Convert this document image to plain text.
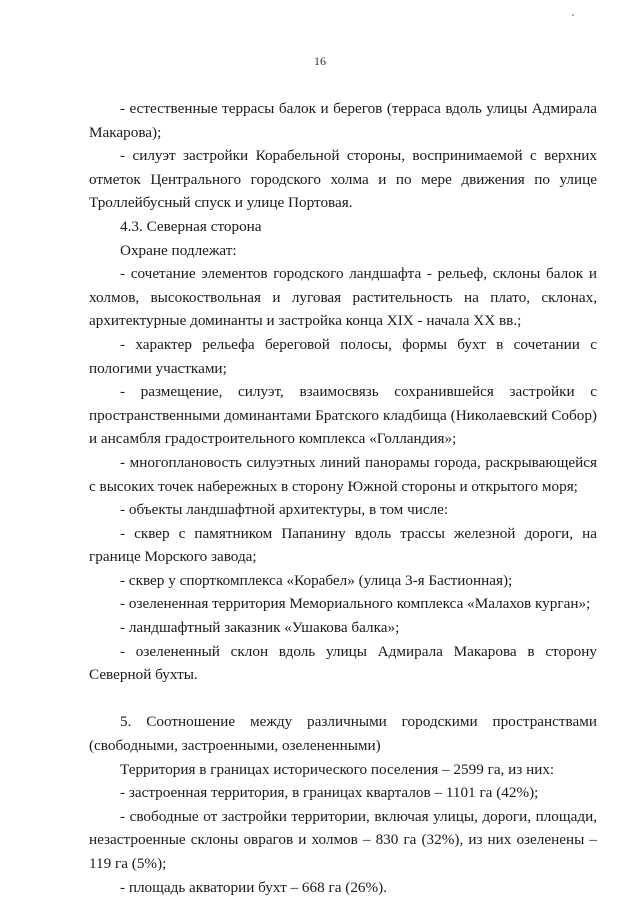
16

- естественные террасы балок и берегов (терраса вдоль улицы Адмирала Макарова);

- силуэт застройки Корабельной стороны, воспринимаемой с верхних отметок Центрального городского холма и по мере движения по улице Троллейбусный спуск и улице Портовая.

4.3. Северная сторона

Охране подлежат:

- сочетание элементов городского ландшафта - рельеф, склоны балок и холмов, высокоствольная и луговая растительность на плато, склонах, архитектурные доминанты и застройка конца XIX - начала XX вв.;

- характер рельефа береговой полосы, формы бухт в сочетании с пологими участками;

- размещение, силуэт, взаимосвязь сохранившейся застройки с пространственными доминантами Братского кладбища (Николаевский Собор) и ансамбля градостроительного комплекса «Голландия»;

- многоплановость силуэтных линий панорамы города, раскрывающейся с высоких точек набережных в сторону Южной стороны и открытого моря;

- объекты ландшафтной архитектуры, в том числе:

- сквер с памятником Папанину вдоль трассы железной дороги, на границе Морского завода;

- сквер у спорткомплекса «Корабел» (улица 3-я Бастионная);

- озелененная территория Мемориального комплекса «Малахов курган»;

- ландшафтный заказник «Ушакова балка»;

- озелененный склон вдоль улицы Адмирала Макарова в сторону Северной бухты.

5. Соотношение между различными городскими пространствами (свободными, застроенными, озелененными)

Территория в границах исторического поселения – 2599 га, из них:

- застроенная территория, в границах кварталов – 1101 га (42%);

- свободные от застройки территории, включая улицы, дороги, площади, незастроенные склоны оврагов и холмов – 830 га (32%), из них озеленены – 119 га (5%);

- площадь акватории бухт – 668 га (26%).
